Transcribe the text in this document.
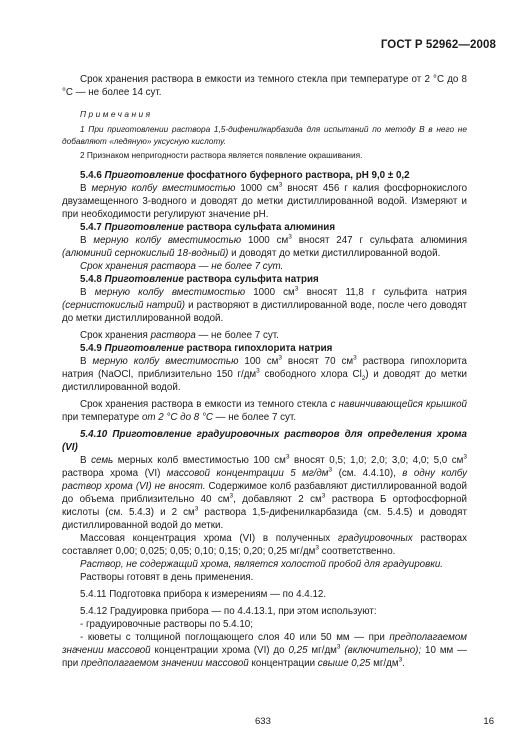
ГОСТ Р 52962—2008

Срок хранения раствора в емкости из темного стекла при температуре от 2 °С до 8 °С — не более 14 сут.

Примечания

1 При приготовлении раствора 1,5-дифенилкарбазида для испытаний по методу В в него не добавляют «ледяную» уксусную кислоту.

2 Признаком непригодности раствора является появление окрашивания.

5.4.6 Приготовление фосфатного буферного раствора, рН 9,0 ± 0,2

В мерную колбу вместимостью 1000 $см^3$ вносят 456 г калия фосфорнокислого двузамещенного 3-водного и доводят до метки дистиллированной водой. Измеряют и при необходимости регулируют значение рН.

5.4.7 Приготовление раствора сульфата алюминия

В мерную колбу вместимостью 1000 $см^3$ вносят 247 г сульфата алюминия (алюминий сернокислый 18-водный) и доводят до метки дистиллированной водой.

Срок хранения раствора — не более 7 сут.

5.4.8 Приготовление раствора сульфита натрия

В мерную колбу вместимостью 1000 $см^3$ вносят 11,8 г сульфита натрия (сернистокислый натрий) и растворяют в дистиллированной воде, после чего доводят до метки дистиллированной водой.

Срок хранения раствора — не более 7 сут.

5.4.9 Приготовление раствора гипохлорита натрия

В мерную колбу вместимостью 100 $см^3$ вносят 70 $см^3$ раствора гипохлорита натрия (NaOCl, приблизительно 150 $г/дм^3$ свободного хлора $Cl_2$) и доводят до метки дистиллированной водой.

Срок хранения раствора в емкости из темного стекла с навинчивающейся крышкой при температуре от 2 °С до 8 °С — не более 7 сут.

5.4.10 Приготовление градуировочных растворов для определения хрома (VI)

В семь мерных колб вместимостью 100 $см^3$ вносят 0,5; 1,0; 2,0; 3,0; 4,0; 5,0 $см^3$ раствора хрома (VI) массовой концентрации 5 $мг/дм^3$ (см. 4.4.10), в одну колбу раствор хрома (VI) не вносят. Содержимое колб разбавляют дистиллированной водой до объема приблизительно 40 $см^3$, добавляют 2 $см^3$ раствора Б ортофосфорной кислоты (см. 5.4.3) и 2 $см^3$ раствора 1,5-дифенилкарбазида (см. 5.4.5) и доводят дистиллированной водой до метки.

Массовая концентрация хрома (VI) в полученных градуировочных растворах составляет 0,00; 0,025; 0,05; 0,10; 0,15; 0,20; 0,25 $мг/дм^3$ соответственно.

Раствор, не содержащий хрома, является холостой пробой для градуировки.

Растворы готовят в день применения.

5.4.11 Подготовка прибора к измерениям — по 4.4.12.

5.4.12 Градуировка прибора — по 4.4.13.1, при этом используют:

- градуировочные растворы по 5.4.10;

- кюветы с толщиной поглощающего слоя 40 или 50 мм — при предполагаемом значении массовой концентрации хрома (VI) до 0,25 $мг/дм^3$ (включительно); 10 мм — при предполагаемом значении массовой концентрации свыше 0,25 $мг/дм^3$.

633	16
